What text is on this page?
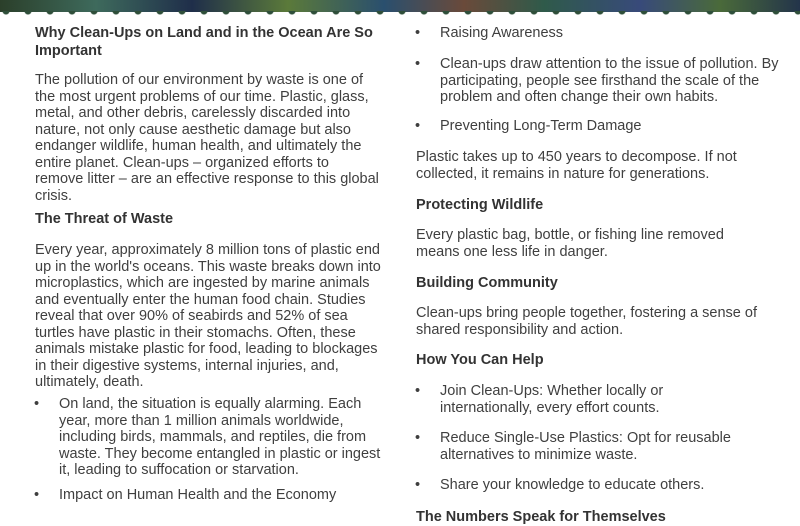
Why Clean-Ups on Land and in the Ocean Are So Important

The pollution of our environment by waste is one of the most urgent problems of our time. Plastic, glass, metal, and other debris, carelessly discarded into nature, not only cause aesthetic damage but also endanger wildlife, human health, and ultimately the entire planet. Clean-ups – organized efforts to remove litter – are an effective response to this global crisis.

The Threat of Waste

Every year, approximately 8 million tons of plastic end up in the world's oceans. This waste breaks down into microplastics, which are ingested by marine animals and eventually enter the human food chain. Studies reveal that over 90% of seabirds and 52% of sea turtles have plastic in their stomachs. Often, these animals mistake plastic for food, leading to blockages in their digestive systems, internal injuries, and, ultimately, death.

• On land, the situation is equally alarming. Each year, more than 1 million animals worldwide, including birds, mammals, and reptiles, die from waste. They become entangled in plastic or ingest it, leading to suffocation or starvation.
• Impact on Human Health and the Economy
• Raising Awareness
• Clean-ups draw attention to the issue of pollution. By participating, people see firsthand the scale of the problem and often change their own habits.
• Preventing Long-Term Damage

Plastic takes up to 450 years to decompose. If not collected, it remains in nature for generations.

Protecting Wildlife

Every plastic bag, bottle, or fishing line removed means one less life in danger.

Building Community

Clean-ups bring people together, fostering a sense of shared responsibility and action.

How You Can Help
• Join Clean-Ups: Whether locally or internationally, every effort counts.
• Reduce Single-Use Plastics: Opt for reusable alternatives to minimize waste.
• Share your knowledge to educate others.
The Numbers Speak for Themselves
